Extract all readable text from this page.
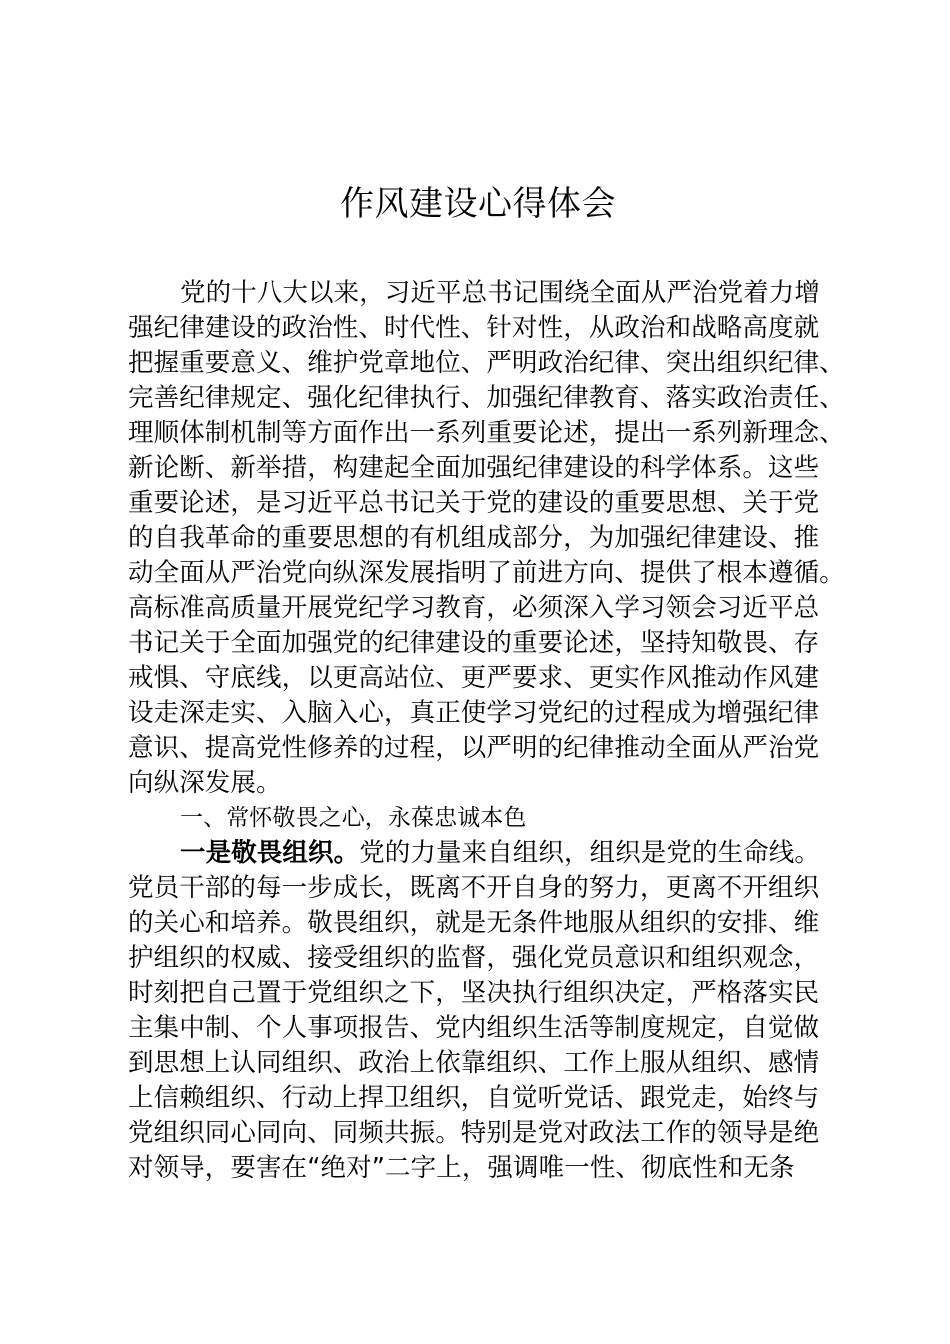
作风建设心得体会
党的十八大以来，习近平总书记围绕全面从严治党着力增
强纪律建设的政治性、时代性、针对性，从政治和战略高度就
把握重要意义、维护党章地位、严明政治纪律、突出组织纪律、
完善纪律规定、强化纪律执行、加强纪律教育、落实政治责任、
理顺体制机制等方面作出一系列重要论述，提出一系列新理念、
新论断、新举措，构建起全面加强纪律建设的科学体系。这些
重要论述，是习近平总书记关于党的建设的重要思想、关于党
的自我革命的重要思想的有机组成部分，为加强纪律建设、推
动全面从严治党向纵深发展指明了前进方向、提供了根本遵循。
高标准高质量开展党纪学习教育，必须深入学习领会习近平总
书记关于全面加强党的纪律建设的重要论述，坚持知敬畏、存
戒惧、守底线，以更高站位、更严要求、更实作风推动作风建
设走深走实、入脑入心，真正使学习党纪的过程成为增强纪律
意识、提高党性修养的过程，以严明的纪律推动全面从严治党
向纵深发展。
一、常怀敬畏之心，永葆忠诚本色
一是敬畏组织。党的力量来自组织，组织是党的生命线。
党员干部的每一步成长，既离不开自身的努力，更离不开组织
的关心和培养。敬畏组织，就是无条件地服从组织的安排、维
护组织的权威、接受组织的监督，强化党员意识和组织观念，
时刻把自己置于党组织之下，坚决执行组织决定，严格落实民
主集中制、个人事项报告、党内组织生活等制度规定，自觉做
到思想上认同组织、政治上依靠组织、工作上服从组织、感情
上信赖组织、行动上捍卫组织，自觉听党话、跟党走，始终与
党组织同心同向、同频共振。特别是党对政法工作的领导是绝
对领导，要害在“绝对”二字上，强调唯一性、彻底性和无条
